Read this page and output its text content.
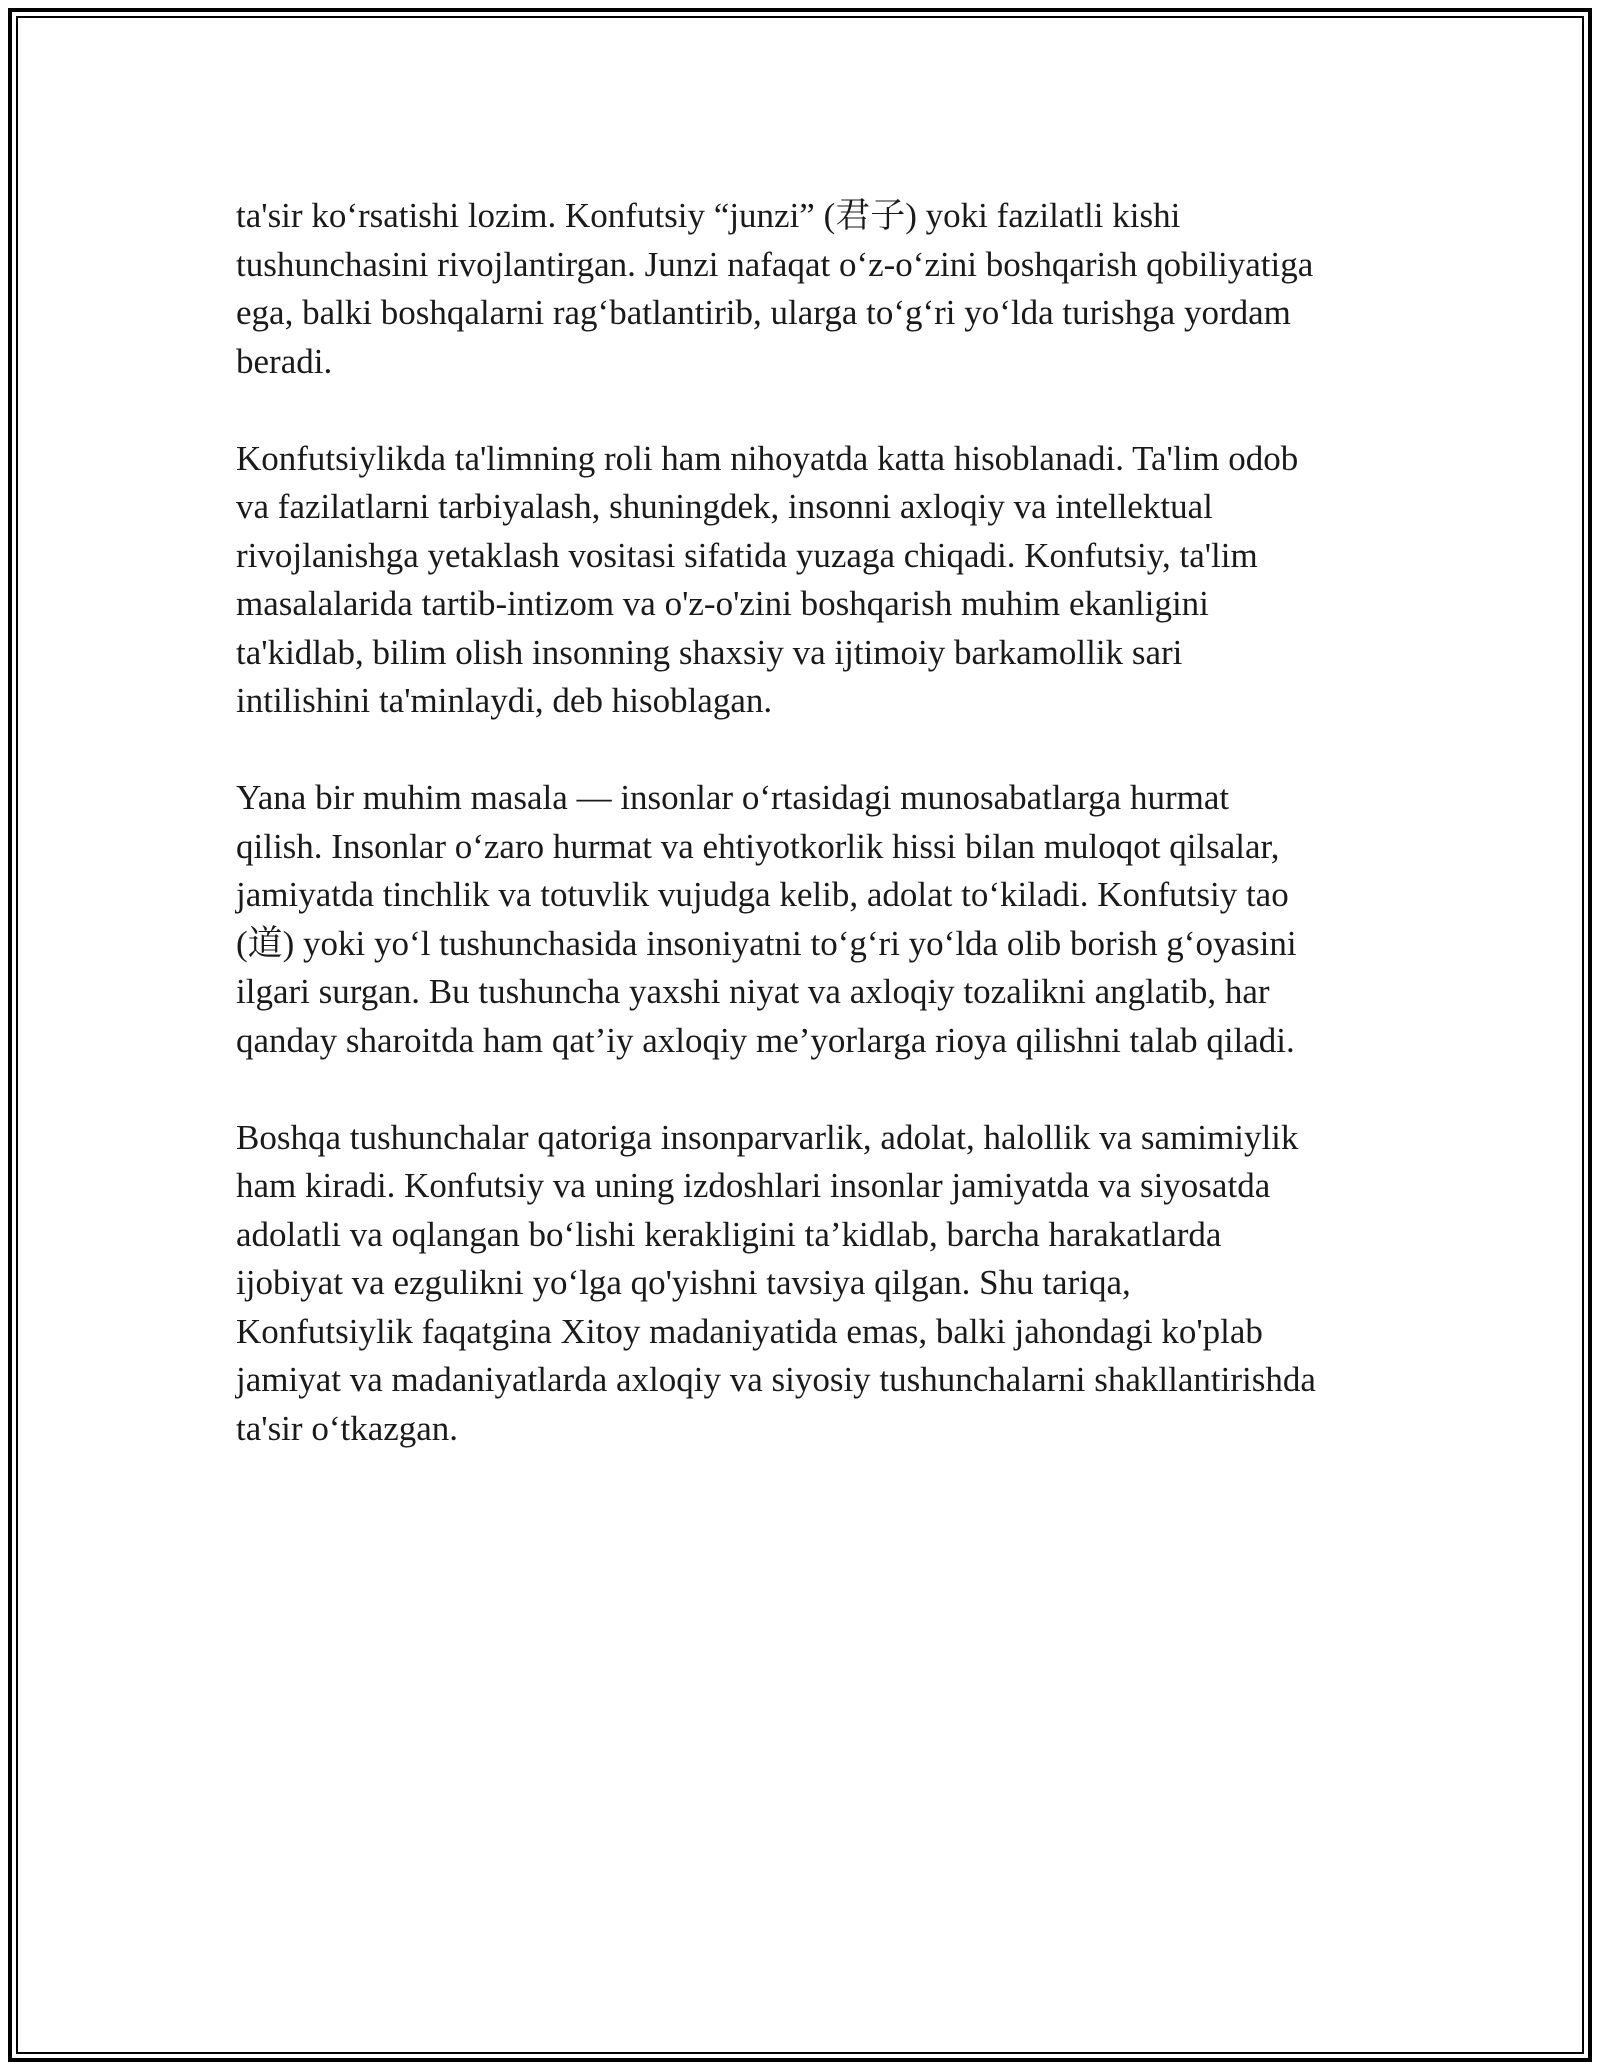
ta'sir ko‘rsatishi lozim. Konfutsiy “junzi” (君子) yoki fazilatli kishi
tushunchasini rivojlantirgan. Junzi nafaqat o‘z-o‘zini boshqarish qobiliyatiga
ega, balki boshqalarni rag‘batlantirib, ularga to‘g‘ri yo‘lda turishga yordam
beradi.

Konfutsiylikda ta'limning roli ham nihoyatda katta hisoblanadi. Ta'lim odob
va fazilatlarni tarbiyalash, shuningdek, insonni axloqiy va intellektual
rivojlanishga yetaklash vositasi sifatida yuzaga chiqadi. Konfutsiy, ta'lim
masalalarida tartib-intizom va o'z-o'zini boshqarish muhim ekanligini
ta'kidlab, bilim olish insonning shaxsiy va ijtimoiy barkamollik sari
intilishini ta'minlaydi, deb hisoblagan.

Yana bir muhim masala — insonlar o‘rtasidagi munosabatlarga hurmat
qilish. Insonlar o‘zaro hurmat va ehtiyotkorlik hissi bilan muloqot qilsalar,
jamiyatda tinchlik va totuvlik vujudga kelib, adolat to‘kiladi. Konfutsiy tao
(道) yoki yo‘l tushunchasida insoniyatni to‘g‘ri yo‘lda olib borish g‘oyasini
ilgari surgan. Bu tushuncha yaxshi niyat va axloqiy tozalikni anglatib, har
qanday sharoitda ham qat’iy axloqiy me’yorlarga rioya qilishni talab qiladi.

Boshqa tushunchalar qatoriga insonparvarlik, adolat, halollik va samimiylik
ham kiradi. Konfutsiy va uning izdoshlari insonlar jamiyatda va siyosatda
adolatli va oqlangan bo‘lishi kerakligini ta’kidlab, barcha harakatlarda
ijobiyat va ezgulikni yo‘lga qo'yishni tavsiya qilgan. Shu tariqa,
Konfutsiylik faqatgina Xitoy madaniyatida emas, balki jahondagi ko'plab
jamiyat va madaniyatlarda axloqiy va siyosiy tushunchalarni shakllantirishda
ta'sir o‘tkazgan.
